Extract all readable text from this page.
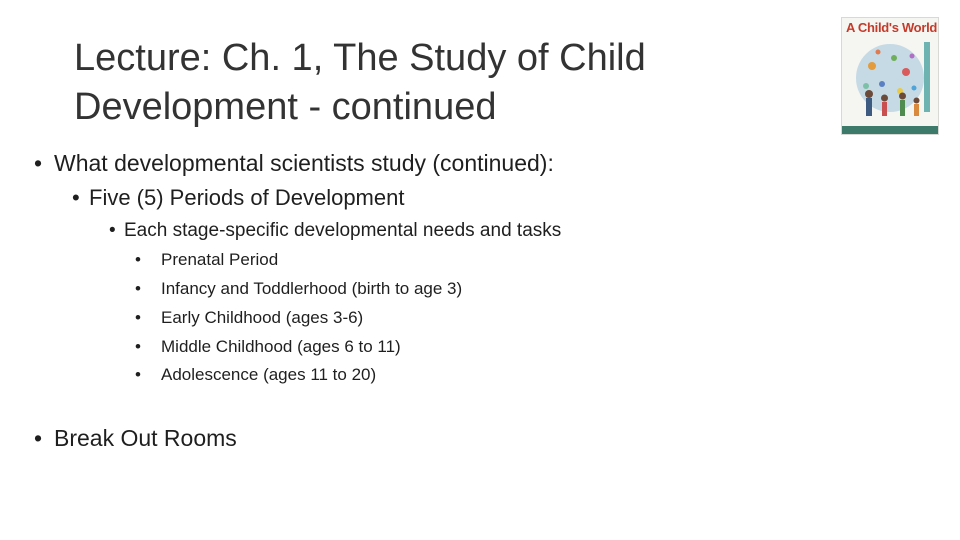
Lecture: Ch. 1, The Study of Child
Development - continued
• What developmental scientists study (continued):
• Five (5) Periods of Development
• Each stage-specific developmental needs and tasks
• Prenatal Period
• Infancy and Toddlerhood (birth to age 3)
• Early Childhood (ages 3-6)
• Middle Childhood (ages 6 to 11)
• Adolescence (ages 11 to 20)
• Break Out Rooms
A Child's World
